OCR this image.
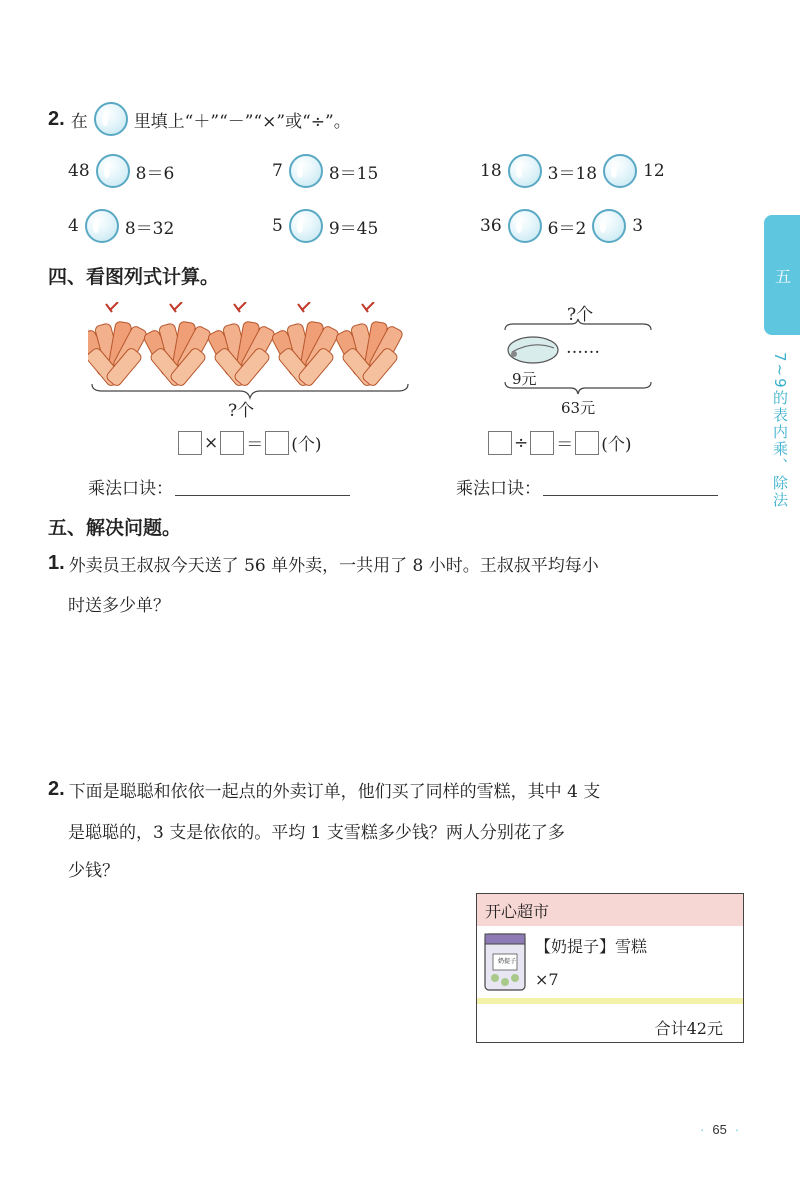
2. 在	里填上“＋”“－”“×”或“÷”。
48	8＝6	7	8＝15	18	3＝18	12
4	8＝32	5	9＝45	36	6＝2	3
四、看图列式计算。
?个
× ＝ (个)
乘法口诀：
?个
……
9元
63元
÷ ＝ (个)
乘法口诀：
五、解决问题。
1. 外卖员王叔叔今天送了 56 单外卖，一共用了 8 小时。王叔叔平均每小
时送多少单？
2. 下面是聪聪和依依一起点的外卖订单，他们买了同样的雪糕，其中 4 支
是聪聪的，3 支是依依的。平均 1 支雪糕多少钱？两人分别花了多
少钱？
开心超市
奶提子
【奶提子】雪糕
×7
合计42元
五
7~9的表内乘、除法
· 65 ·
